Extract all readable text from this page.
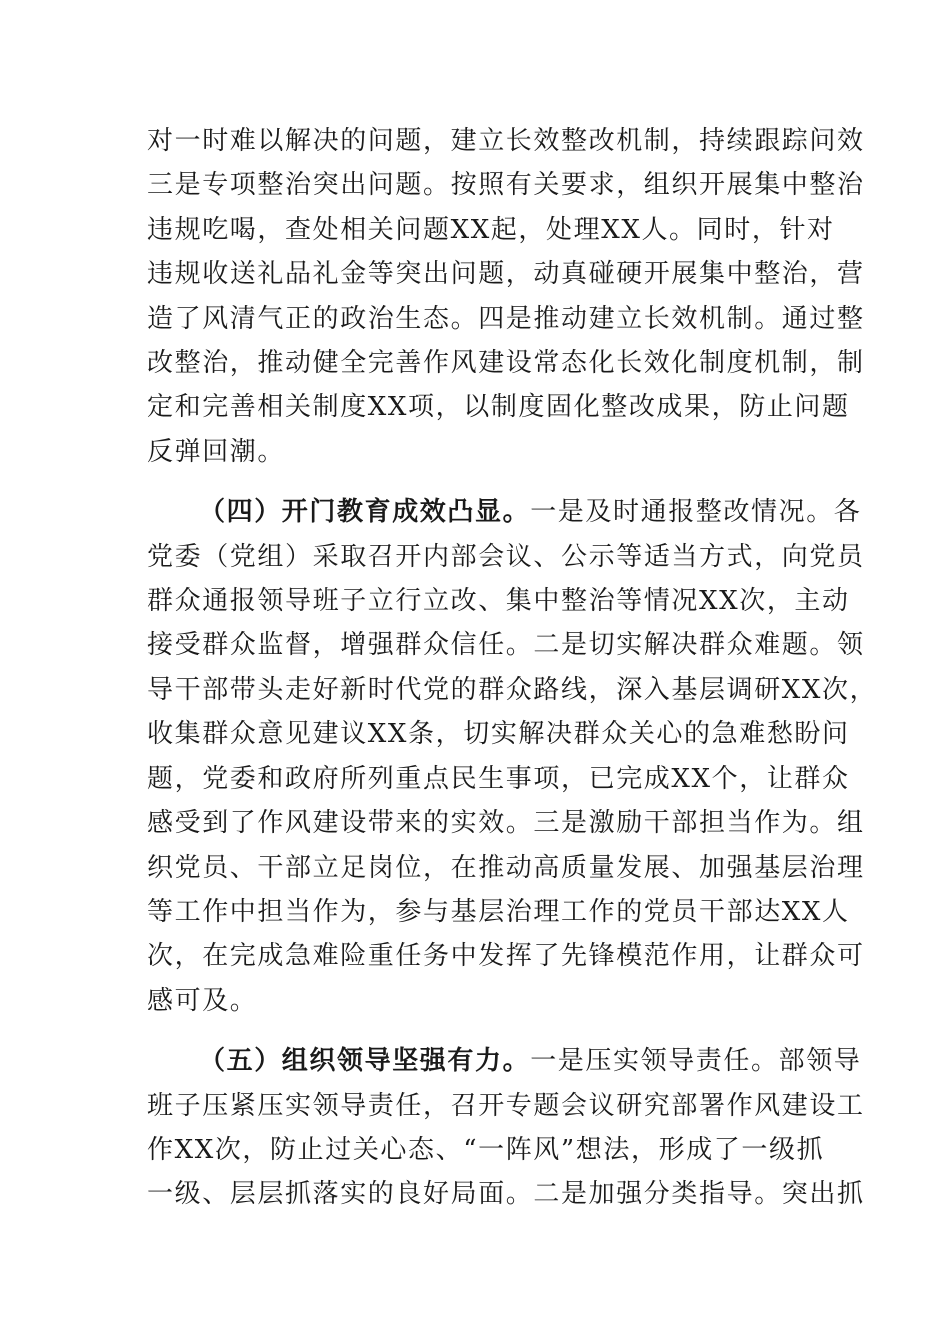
对一时难以解决的问题，建立长效整改机制，持续跟踪问效
三是专项整治突出问题。按照有关要求，组织开展集中整治
违规吃喝，查处相关问题XX起，处理XX人。同时，针对
违规收送礼品礼金等突出问题，动真碰硬开展集中整治，营
造了风清气正的政治生态。四是推动建立长效机制。通过整
改整治，推动健全完善作风建设常态化长效化制度机制，制
定和完善相关制度XX项，以制度固化整改成果，防止问题
反弹回潮。
（四）开门教育成效凸显。一是及时通报整改情况。各
党委（党组）采取召开内部会议、公示等适当方式，向党员
群众通报领导班子立行立改、集中整治等情况XX次，主动
接受群众监督，增强群众信任。二是切实解决群众难题。领
导干部带头走好新时代党的群众路线，深入基层调研XX次，
收集群众意见建议XX条，切实解决群众关心的急难愁盼问
题，党委和政府所列重点民生事项，已完成XX个，让群众
感受到了作风建设带来的实效。三是激励干部担当作为。组
织党员、干部立足岗位，在推动高质量发展、加强基层治理
等工作中担当作为，参与基层治理工作的党员干部达XX人
次，在完成急难险重任务中发挥了先锋模范作用，让群众可
感可及。
（五）组织领导坚强有力。一是压实领导责任。部领导
班子压紧压实领导责任，召开专题会议研究部署作风建设工
作XX次，防止过关心态、“一阵风”想法，形成了一级抓
一级、层层抓落实的良好局面。二是加强分类指导。突出抓
